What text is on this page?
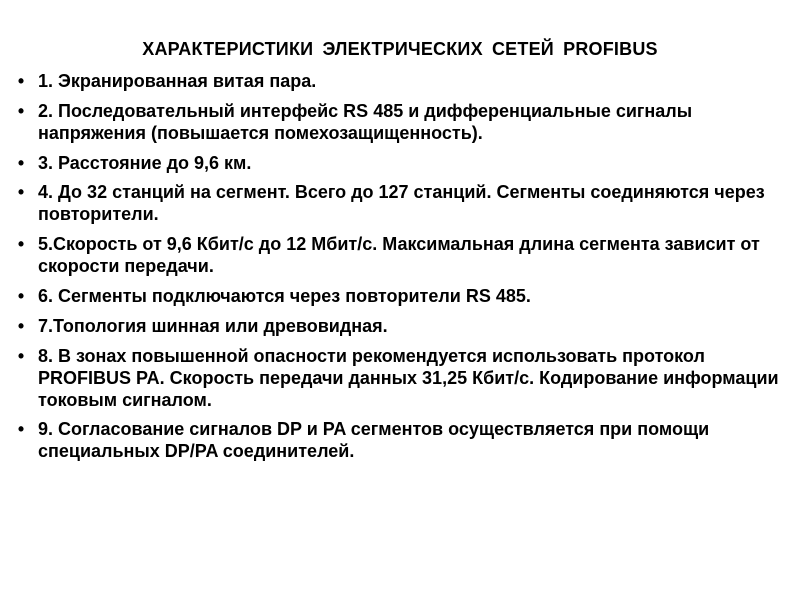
ХАРАКТЕРИСТИКИ ЭЛЕКТРИЧЕСКИХ СЕТЕЙ PROFIBUS
• 1. Экранированная витая пара.
• 2. Последовательный интерфейс RS 485 и дифференциальные сигналы напряжения (повышается помехозащищенность).
• 3. Расстояние до 9,6 км.
• 4. До 32 станций на сегмент. Всего до 127 станций. Сегменты соединяются через повторители.
• 5.Скорость от 9,6 Кбит/с до 12 Мбит/с. Максимальная длина сегмента зависит от скорости передачи.
• 6. Сегменты подключаются через повторители RS 485.
• 7.Топология шинная или древовидная.
• 8. В зонах повышенной опасности рекомендуется использовать протокол PROFIBUS PA. Скорость передачи данных 31,25 Кбит/с. Кодирование информации токовым сигналом.
• 9. Согласование сигналов DP и PA сегментов осуществляется при помощи специальных DP/PA соединителей.
